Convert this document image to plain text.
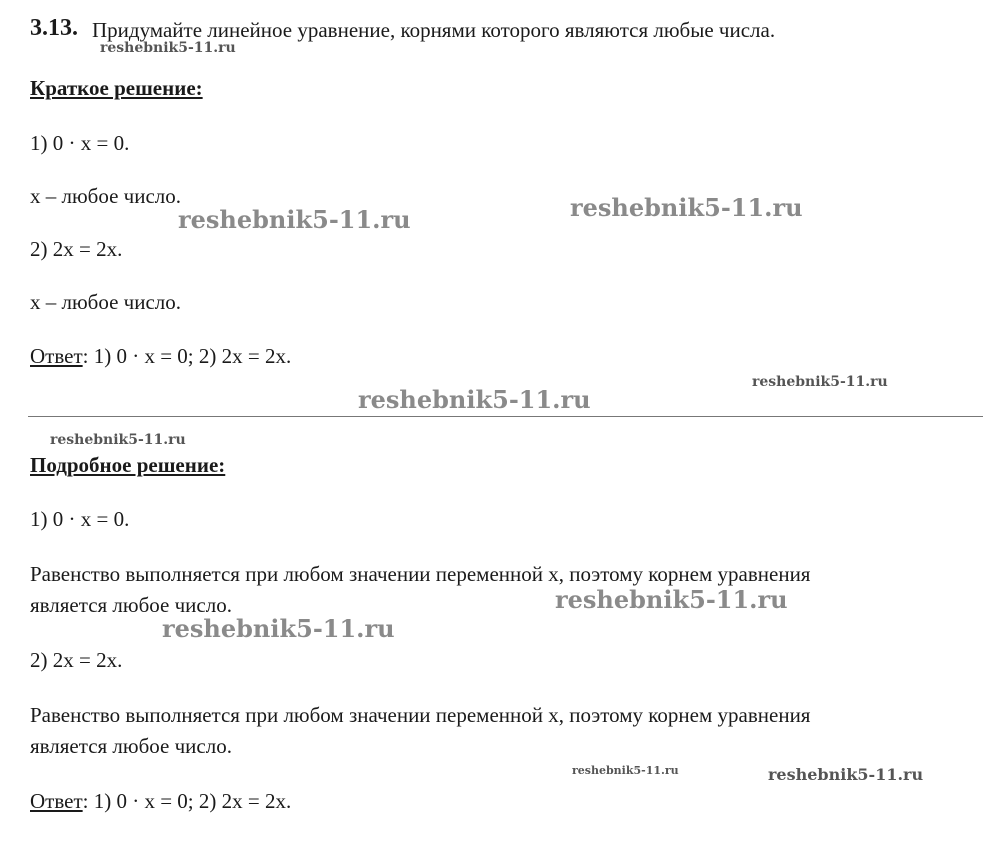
3.13. Придумайте линейное уравнение, корнями которого являются любые числа.
Краткое решение:
1) 0 · x = 0.
x – любое число.
2) 2x = 2x.
x – любое число.
Ответ: 1) 0 · x = 0; 2) 2x = 2x.
Подробное решение:
1) 0 · x = 0.
Равенство выполняется при любом значении переменной x, поэтому корнем уравнения
является любое число.
2) 2x = 2x.
Равенство выполняется при любом значении переменной x, поэтому корнем уравнения
является любое число.
Ответ: 1) 0 · x = 0; 2) 2x = 2x.
reshebnik5-11.ru
reshebnik5-11.ru	reshebnik5-11.ru
reshebnik5-11.ru
reshebnik5-11.ru
reshebnik5-11.ru
reshebnik5-11.ru
reshebnik5-11.ru
reshebnik5-11.ru	reshebnik5-11.ru
